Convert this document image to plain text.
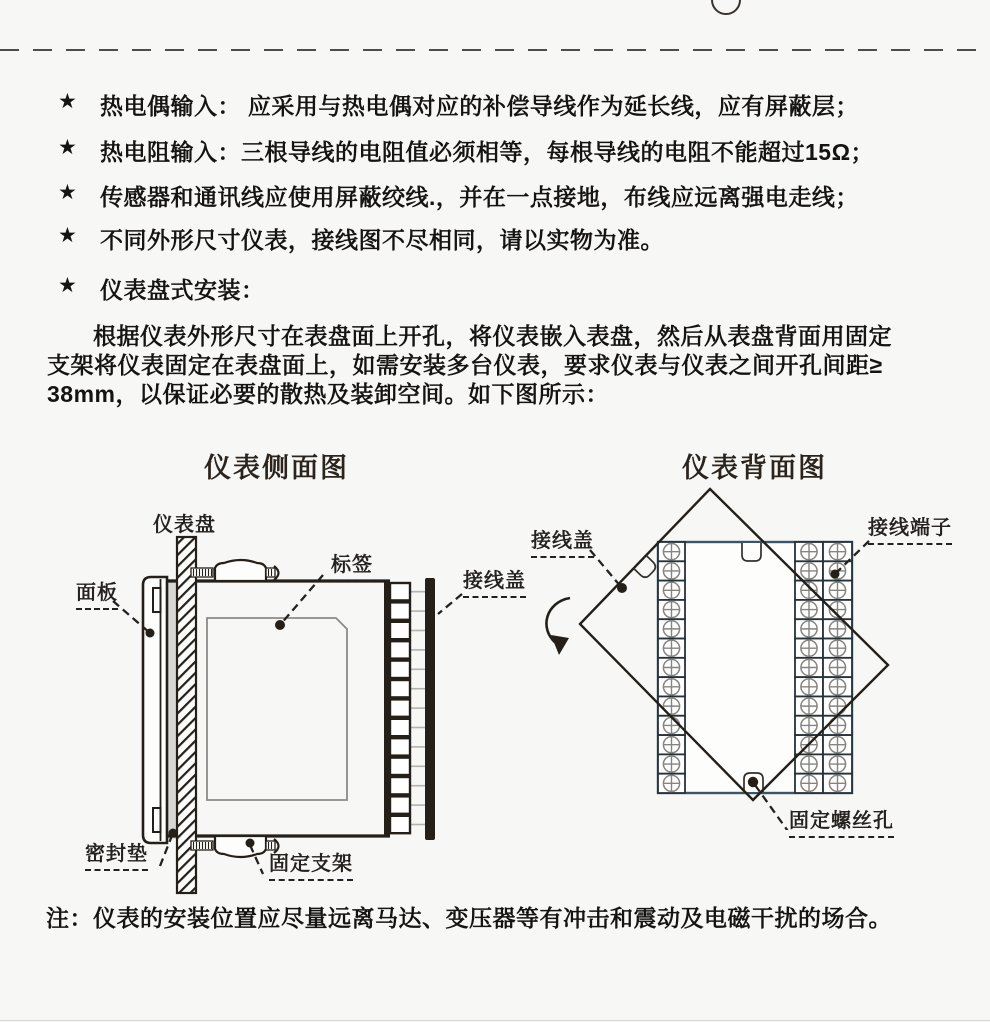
★ 热电偶输入： 应采用与热电偶对应的补偿导线作为延长线，应有屏蔽层；
★ 热电阻输入：三根导线的电阻值必须相等，每根导线的电阻不能超过15Ω；
★ 传感器和通讯线应使用屏蔽绞线.，并在一点接地，布线应远离强电走线；
★ 不同外形尺寸仪表，接线图不尽相同，请以实物为准。
★ 仪表盘式安装：
根据仪表外形尺寸在表盘面上开孔，将仪表嵌入表盘，然后从表盘背面用固定
支架将仪表固定在表盘面上，如需安装多台仪表，要求仪表与仪表之间开孔间距≥
38mm，以保证必要的散热及装卸空间。如下图所示：
仪表侧面图	仪表背面图
仪表盘
面板
标签
接线盖
密封垫	固定支架
接线盖
接线端子
固定螺丝孔
注：仪表的安装位置应尽量远离马达、变压器等有冲击和震动及电磁干扰的场合。
